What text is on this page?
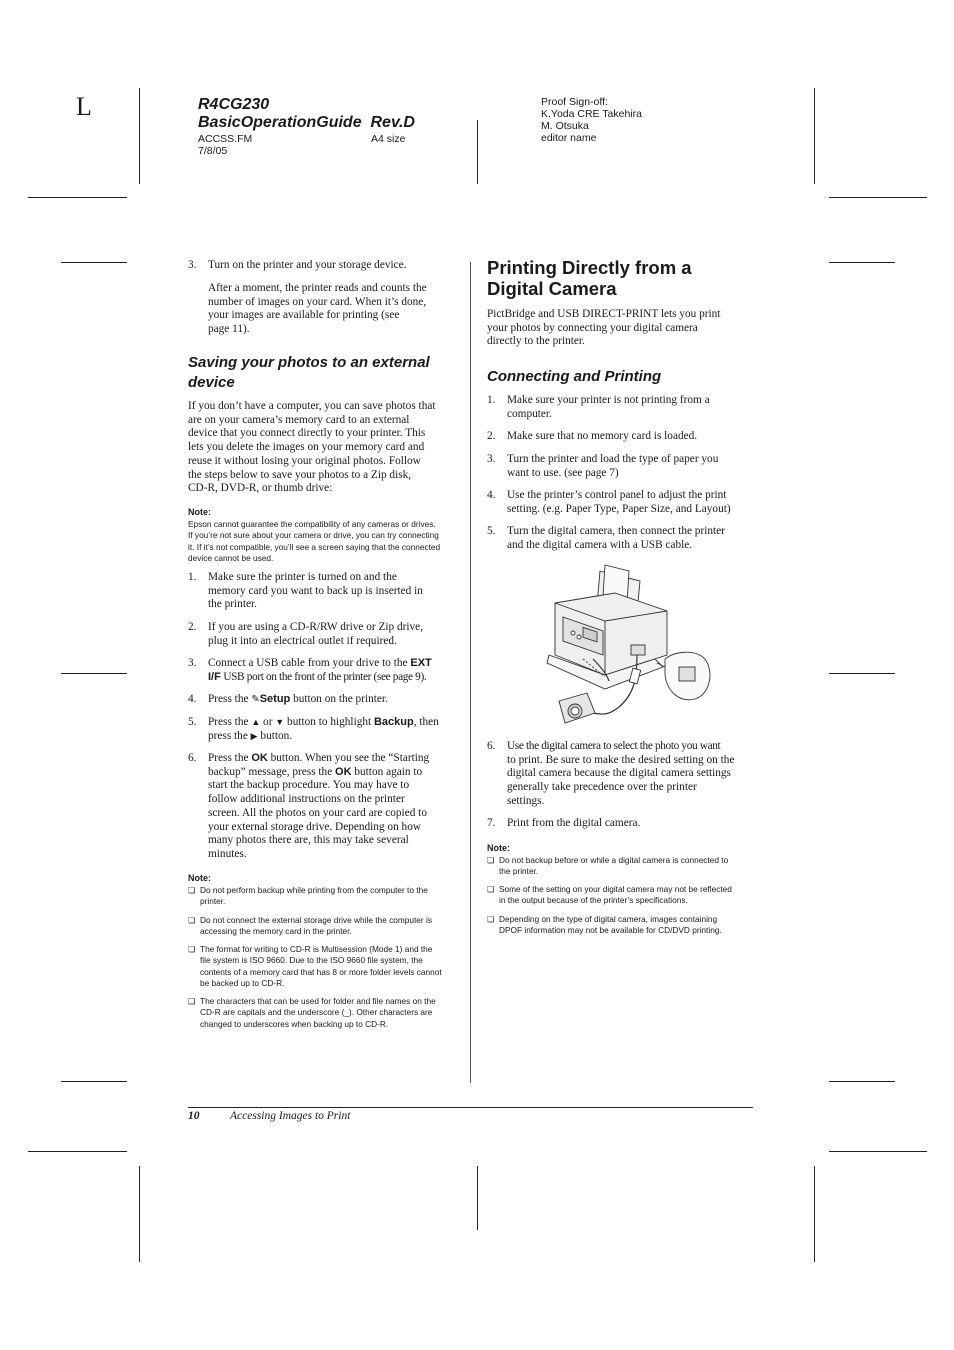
L	R4CG230
BasicOperationGuide  Rev.D
ACCSS.FM	A4 size
7/8/05
Proof Sign-off:
K.Yoda CRE Takehira
M. Otsuka
editor name
3. Turn on the printer and your storage device.
After a moment, the printer reads and counts the
number of images on your card. When it’s done,
your images are available for printing (see
page 11).
Saving your photos to an external
device
If you don’t have a computer, you can save photos that
are on your camera’s memory card to an external
device that you connect directly to your printer. This
lets you delete the images on your memory card and
reuse it without losing your original photos. Follow
the steps below to save your photos to a Zip disk,
CD-R, DVD-R, or thumb drive:
Note:
Epson cannot guarantee the compatibility of any cameras or drives.
If you’re not sure about your camera or drive, you can try connecting
it. If it’s not compatible, you’ll see a screen saying that the connected
device cannot be used.
1. Make sure the printer is turned on and the
memory card you want to back up is inserted in
the printer.
2. If you are using a CD-R/RW drive or Zip drive,
plug it into an electrical outlet if required.
3. Connect a USB cable from your drive to the EXT
I/F USB port on the front of the printer (see page 9).
4. Press the ✎Setup button on the printer.
5. Press the ▲ or ▼ button to highlight Backup, then
press the ▶ button.
6. Press the OK button. When you see the “Starting
backup” message, press the OK button again to
start the backup procedure. You may have to
follow additional instructions on the printer
screen. All the photos on your card are copied to
your external storage drive. Depending on how
many photos there are, this may take several
minutes.
Note:
❑ Do not perform backup while printing from the computer to the
printer.
❑ Do not connect the external storage drive while the computer is
accessing the memory card in the printer.
❑ The format for writing to CD-R is Multisession (Mode 1) and the
file system is ISO 9660. Due to the ISO 9660 file system, the
contents of a memory card that has 8 or more folder levels cannot
be backed up to CD-R.
❑ The characters that can be used for folder and file names on the
CD-R are capitals and the underscore (_). Other characters are
changed to underscores when backing up to CD-R.
Printing Directly from a
Digital Camera
PictBridge and USB DIRECT-PRINT lets you print
your photos by connecting your digital camera
directly to the printer.
Connecting and Printing
1. Make sure your printer is not printing from a
computer.
2. Make sure that no memory card is loaded.
3. Turn the printer and load the type of paper you
want to use. (see page 7)
4. Use the printer’s control panel to adjust the print
setting. (e.g. Paper Type, Paper Size, and Layout)
5. Turn the digital camera, then connect the printer
and the digital camera with a USB cable.
6. Use the digital camera to select the photo you want
to print. Be sure to make the desired setting on the
digital camera because the digital camera settings
generally take precedence over the printer
settings.
7. Print from the digital camera.
Note:
❑ Do not backup before or while a digital camera is connected to
the printer.
❑ Some of the setting on your digital camera may not be reflected
in the output because of the printer’s specifications.
❑ Depending on the type of digital camera, images containing
DPOF information may not be available for CD/DVD printing.
10	Accessing Images to Print
